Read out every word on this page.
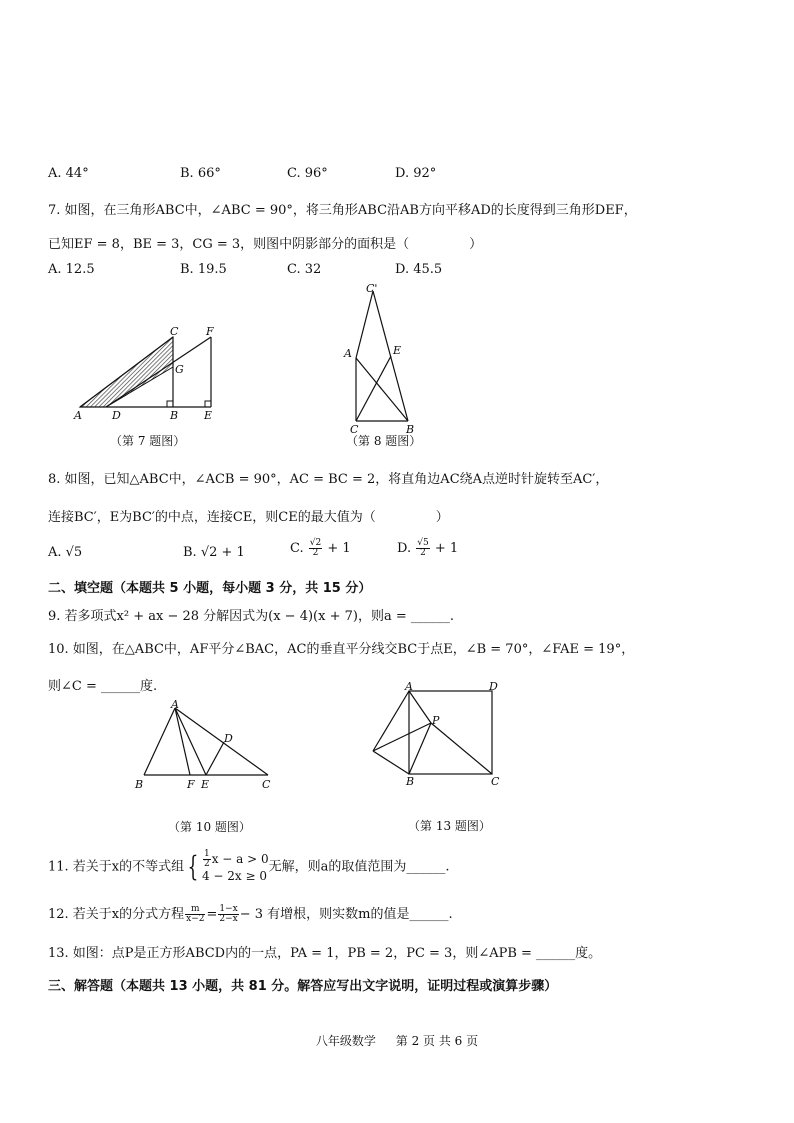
A. 44°	B. 66°	C. 96°	D. 92°
7. 如图，在三角形ABC中，∠ABC = 90°，将三角形ABC沿AB方向平移AD的长度得到三角形DEF，
已知EF = 8，BE = 3，CG = 3，则图中阴影部分的面积是（	）
A. 12.5	B. 19.5	C. 32	D. 45.5
C	F
G
A	D	B E
（第 7 题图）
C'
A	E
C	B
（第 8 题图）
8. 如图，已知△ABC中，∠ACB = 90°，AC = BC = 2，将直角边AC绕A点逆时针旋转至AC′，
连接BC′，E为BC′的中点，连接CE，则CE的最大值为（	）
A. √5	B. √2 + 1	C. $\frac{√2}{2} + 1$	D. $\frac{√5}{2} + 1$
二、填空题（本题共 5 小题，每小题 3 分，共 15 分）
9. 若多项式x² + ax − 28 分解因式为(x − 4)(x + 7)，则a = ______.
10. 如图，在△ABC中，AF平分∠BAC，AC的垂直平分线交BC于点E，∠B = 70°，∠FAE = 19°，
则∠C = ______度.
A
D
B	F E	C
（第 10 题图）
A	D
P
B	C
（第 13 题图）
11. 若关于x的不等式组 { $\frac{1}{2}$ x − a > 0
4 − 2x ≥ 0
无解，则a的取值范围为______.
12. 若关于x的分式方程 $\frac{m}{x-2} = \frac{1-x}{2-x} - 3$ 有增根，则实数m的值是______.
13. 如图：点P是正方形ABCD内的一点，PA = 1，PB = 2，PC = 3，则∠APB = ______度。
三、解答题（本题共 13 小题，共 81 分。解答应写出文字说明，证明过程或演算步骤）
八年级数学 第 2 页 共 6 页
